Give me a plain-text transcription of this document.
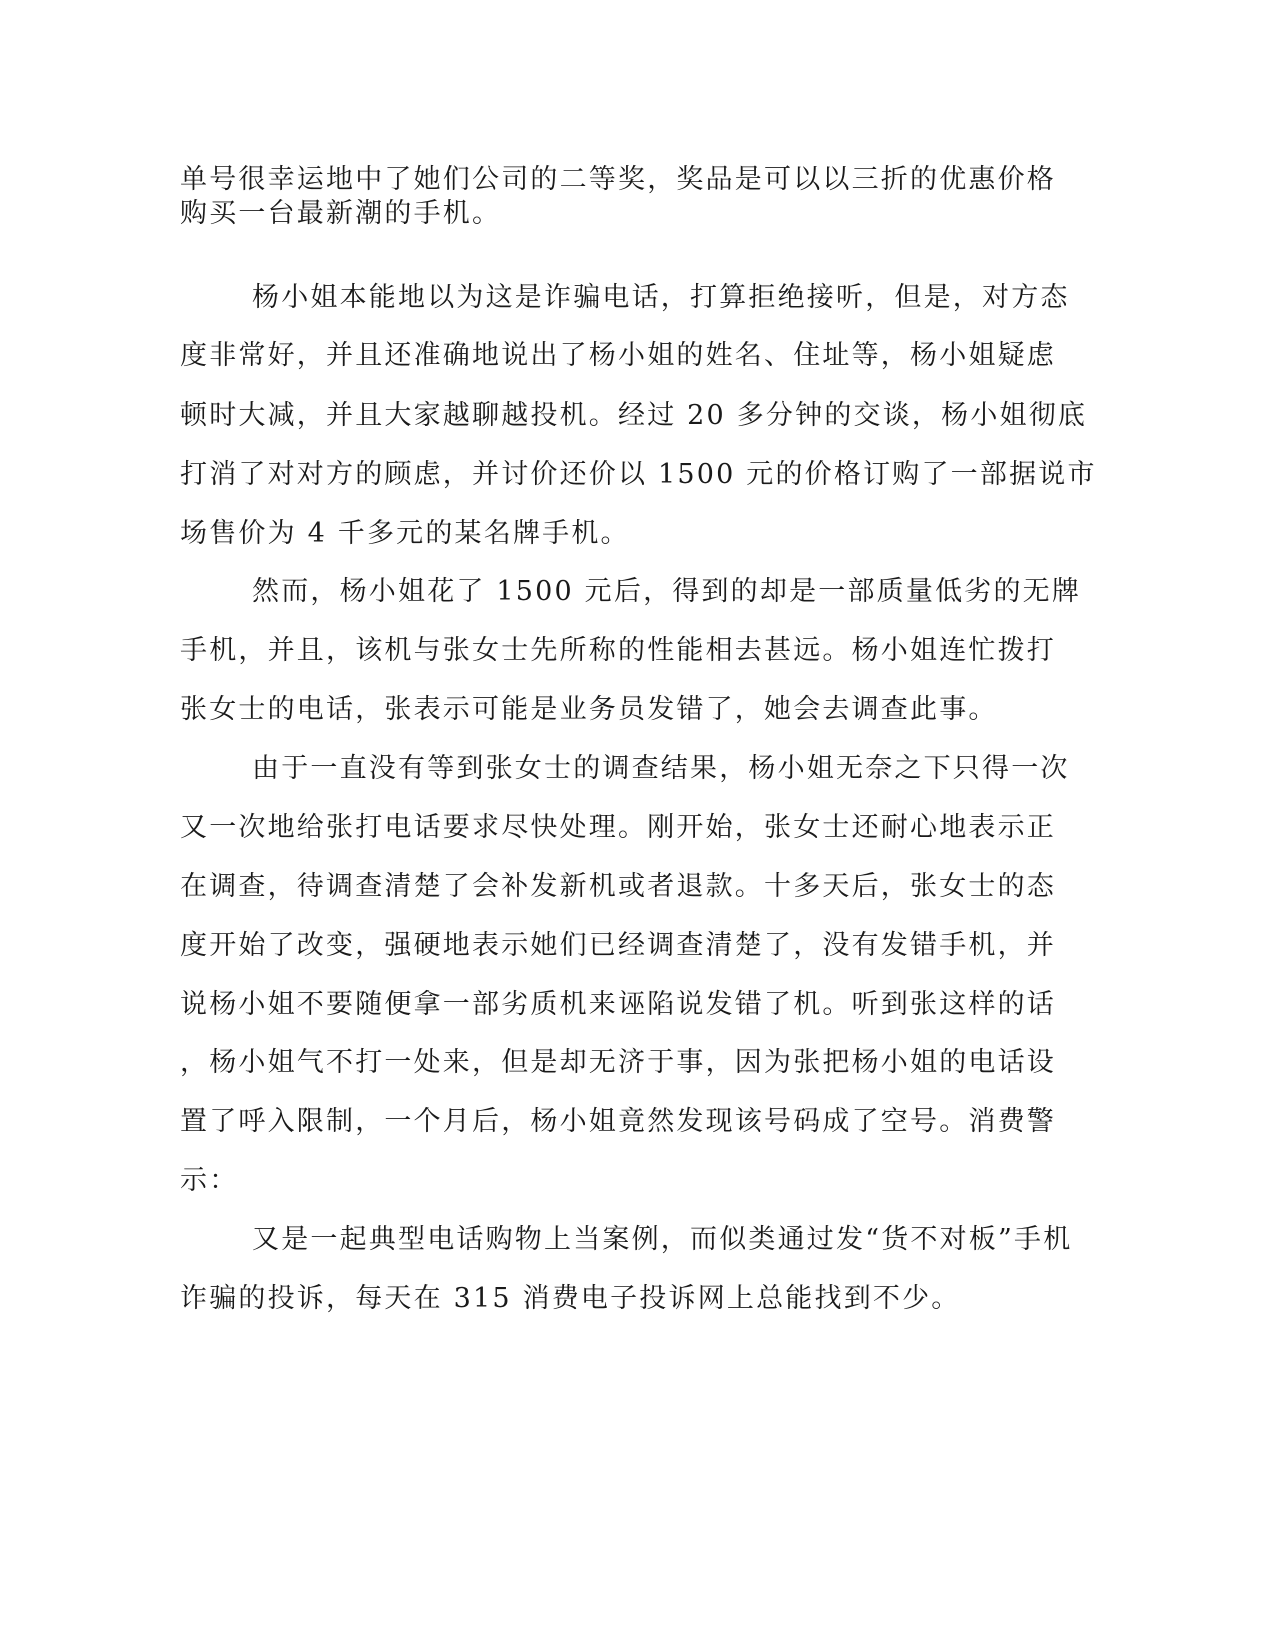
单号很幸运地中了她们公司的二等奖，奖品是可以以三折的优惠价格
购买一台最新潮的手机。
杨小姐本能地以为这是诈骗电话，打算拒绝接听，但是，对方态
度非常好，并且还准确地说出了杨小姐的姓名、住址等，杨小姐疑虑
顿时大减，并且大家越聊越投机。经过 20 多分钟的交谈，杨小姐彻底
打消了对对方的顾虑，并讨价还价以 1500 元的价格订购了一部据说市
场售价为 4 千多元的某名牌手机。
然而，杨小姐花了 1500 元后，得到的却是一部质量低劣的无牌
手机，并且，该机与张女士先所称的性能相去甚远。杨小姐连忙拨打
张女士的电话，张表示可能是业务员发错了，她会去调查此事。
由于一直没有等到张女士的调查结果，杨小姐无奈之下只得一次
又一次地给张打电话要求尽快处理。刚开始，张女士还耐心地表示正
在调查，待调查清楚了会补发新机或者退款。十多天后，张女士的态
度开始了改变，强硬地表示她们已经调查清楚了，没有发错手机，并
说杨小姐不要随便拿一部劣质机来诬陷说发错了机。听到张这样的话
，杨小姐气不打一处来，但是却无济于事，因为张把杨小姐的电话设
置了呼入限制，一个月后，杨小姐竟然发现该号码成了空号。消费警
示：
又是一起典型电话购物上当案例，而似类通过发“货不对板”手机
诈骗的投诉，每天在 315 消费电子投诉网上总能找到不少。
